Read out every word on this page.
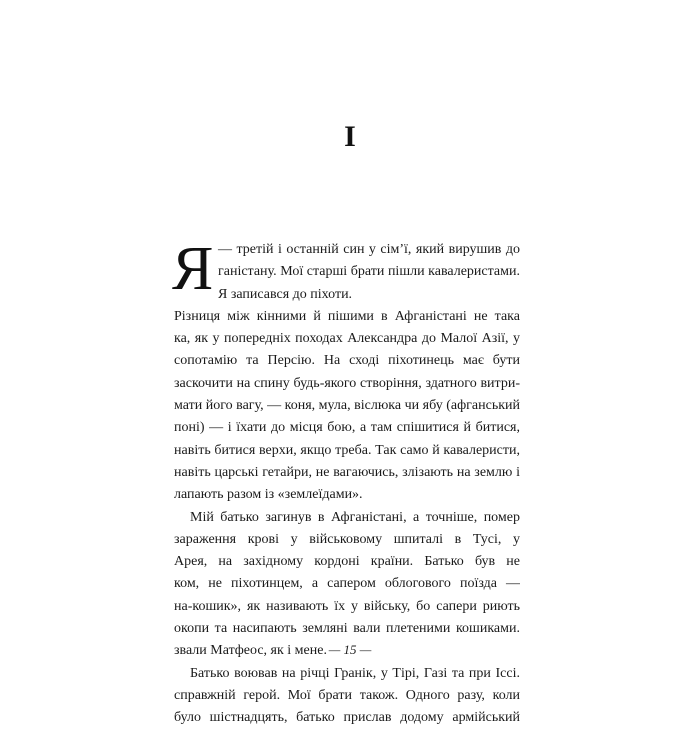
I
Я — третій і останній син у сім’ї, який вирушив до
ганістану. Мої старші брати пішли кавалеристами.
Я записався до піхоти.
Різниця між кінними й пішими в Афганістані не така
ка, як у попередніх походах Александра до Малої Азії, у
сопотамію та Персію. На сході піхотинець має бути
заскочити на спину будь-якого створіння, здатного витри-
мати його вагу, — коня, мула, віслюка чи ябу (афганський
поні) — і їхати до місця бою, а там спішитися й битися,
навіть битися верхи, якщо треба. Так само й кавалеристи,
навіть царські гетайри, не вагаючись, злізають на землю і
лапають разом із «землеїдами».
Мій батько загинув в Афганістані, а точніше, помер
зараження крові у військовому шпиталі в Тусі, у
Арея, на західному кордоні країни. Батько був не
ком, не піхотинцем, а сапером облогового поїзда —
на-кошик», як називають їх у війську, бо сапери риють
окопи та насипають земляні вали плетеними кошиками.
звали Матфеос, як і мене.
Батько воював на річці Гранік, у Тірі, Газі та при Іссі.
справжній герой. Мої брати також. Одного разу, коли
було шістнадцять, батько прислав додому армійський
— 15 —
